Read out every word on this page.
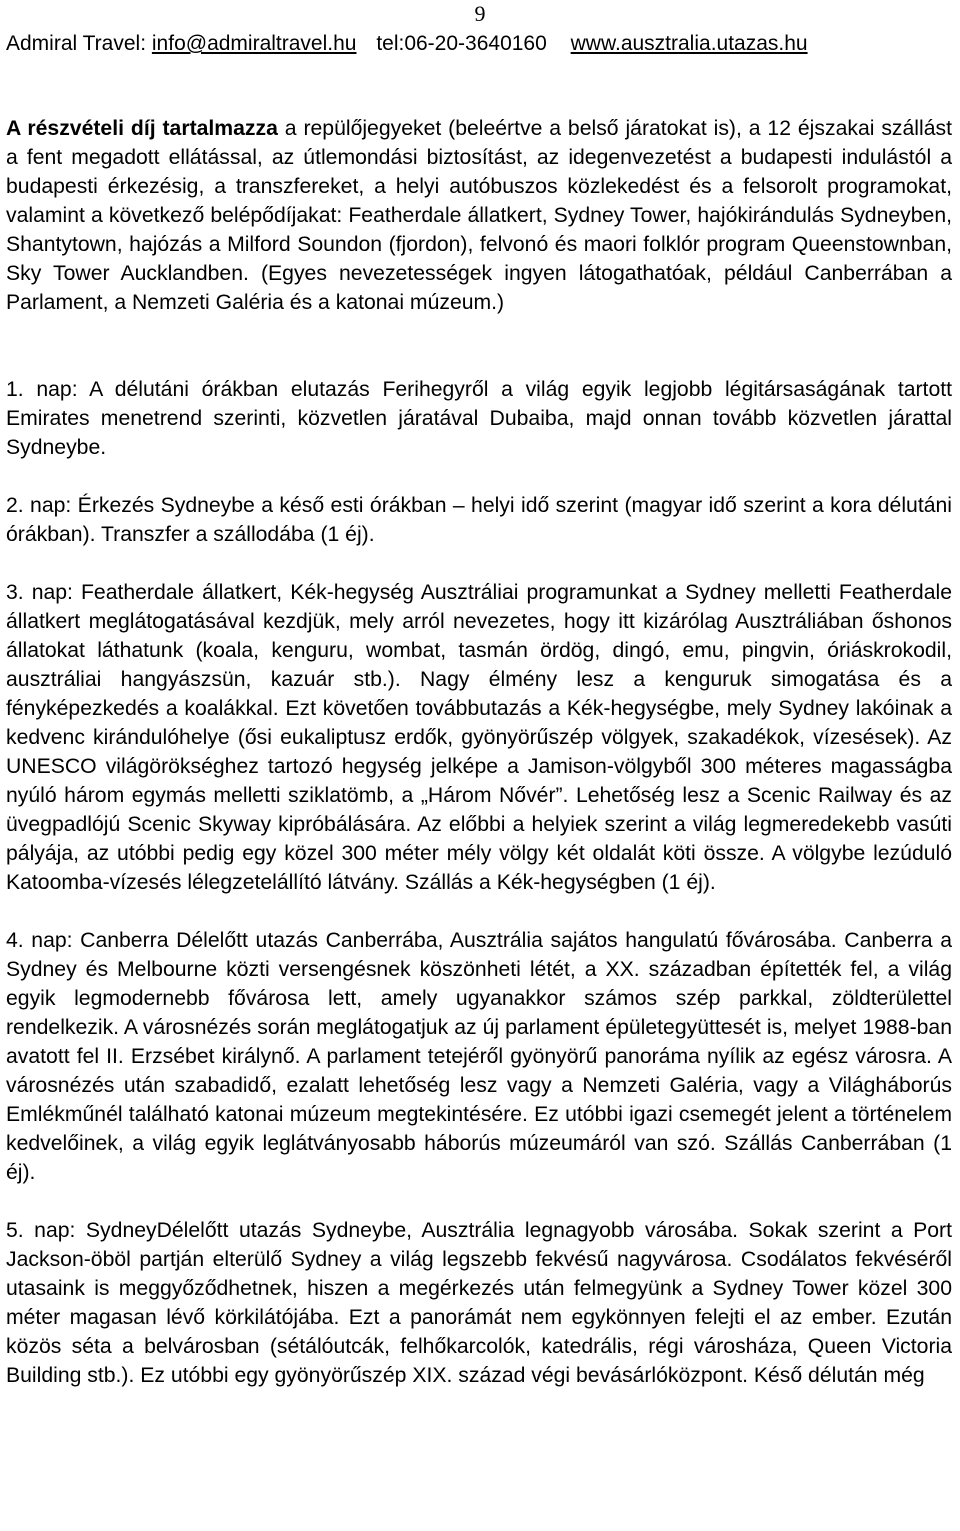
9
Admiral Travel: info@admiraltravel.hu tel:06-20-3640160 www.ausztralia.utazas.hu

A részvételi díj tartalmazza a repülőjegyeket (beleértve a belső járatokat is), a 12 éjszakai szállást a fent megadott ellátással, az útlemondási biztosítást, az idegenvezetést a budapesti indulástól a budapesti érkezésig, a transzfereket, a helyi autóbuszos közlekedést és a felsorolt programokat, valamint a következő belépődíjakat: Featherdale állatkert, Sydney Tower, hajókirándulás Sydneyben, Shantytown, hajózás a Milford Soundon (fjordon), felvonó és maori folklór program Queenstownban, Sky Tower Aucklandben. (Egyes nevezetességek ingyen látogathatóak, például Canberrában a Parlament, a Nemzeti Galéria és a katonai múzeum.)

1. nap: A délutáni órákban elutazás Ferihegyről a világ egyik legjobb légitársaságának tartott Emirates menetrend szerinti, közvetlen járatával Dubaiba, majd onnan tovább közvetlen járattal Sydneybe.

2. nap: Érkezés Sydneybe a késő esti órákban – helyi idő szerint (magyar idő szerint a kora délutáni órákban). Transzfer a szállodába (1 éj).

3. nap: Featherdale állatkert, Kék-hegység Ausztráliai programunkat a Sydney melletti Featherdale állatkert meglátogatásával kezdjük, mely arról nevezetes, hogy itt kizárólag Ausztráliában őshonos állatokat láthatunk (koala, kenguru, wombat, tasmán ördög, dingó, emu, pingvin, óriáskrokodil, ausztráliai hangyászsün, kazuár stb.). Nagy élmény lesz a kenguruk simogatása és a fényképezkedés a koalákkal. Ezt követően továbbutazás a Kék-hegységbe, mely Sydney lakóinak a kedvenc kirándulóhelye (ősi eukaliptusz erdők, gyönyörűszép völgyek, szakadékok, vízesések). Az UNESCO világörökséghez tartozó hegység jelképe a Jamison-völgyből 300 méteres magasságba nyúló három egymás melletti sziklatömb, a „Három Nővér”. Lehetőség lesz a Scenic Railway és az üvegpadlójú Scenic Skyway kipróbálására. Az előbbi a helyiek szerint a világ legmeredekebb vasúti pályája, az utóbbi pedig egy közel 300 méter mély völgy két oldalát köti össze. A völgybe lezúduló Katoomba-vízesés lélegzetelállító látvány. Szállás a Kék-hegységben (1 éj).

4. nap: Canberra Délelőtt utazás Canberrába, Ausztrália sajátos hangulatú fővárosába. Canberra a Sydney és Melbourne közti versengésnek köszönheti létét, a XX. században építették fel, a világ egyik legmodernebb fővárosa lett, amely ugyanakkor számos szép parkkal, zöldterülettel rendelkezik. A városnézés során meglátogatjuk az új parlament épületegyüttesét is, melyet 1988-ban avatott fel II. Erzsébet királynő. A parlament tetejéről gyönyörű panoráma nyílik az egész városra. A városnézés után szabadidő, ezalatt lehetőség lesz vagy a Nemzeti Galéria, vagy a Világháborús Emlékműnél található katonai múzeum megtekintésére. Ez utóbbi igazi csemegét jelent a történelem kedvelőinek, a világ egyik leglátványosabb háborús múzeumáról van szó. Szállás Canberrában (1 éj).

5. nap: SydneyDélelőtt utazás Sydneybe, Ausztrália legnagyobb városába. Sokak szerint a Port Jackson-öböl partján elterülő Sydney a világ legszebb fekvésű nagyvárosa. Csodálatos fekvéséről utasaink is meggyőződhetnek, hiszen a megérkezés után felmegyünk a Sydney Tower közel 300 méter magasan lévő körkilátójába. Ezt a panorámát nem egykönnyen felejti el az ember. Ezután közös séta a belvárosban (sétálóutcák, felhőkarcolók, katedrális, régi városháza, Queen Victoria Building stb.). Ez utóbbi egy gyönyörűszép XIX. század végi bevásárlóközpont. Késő délután még
